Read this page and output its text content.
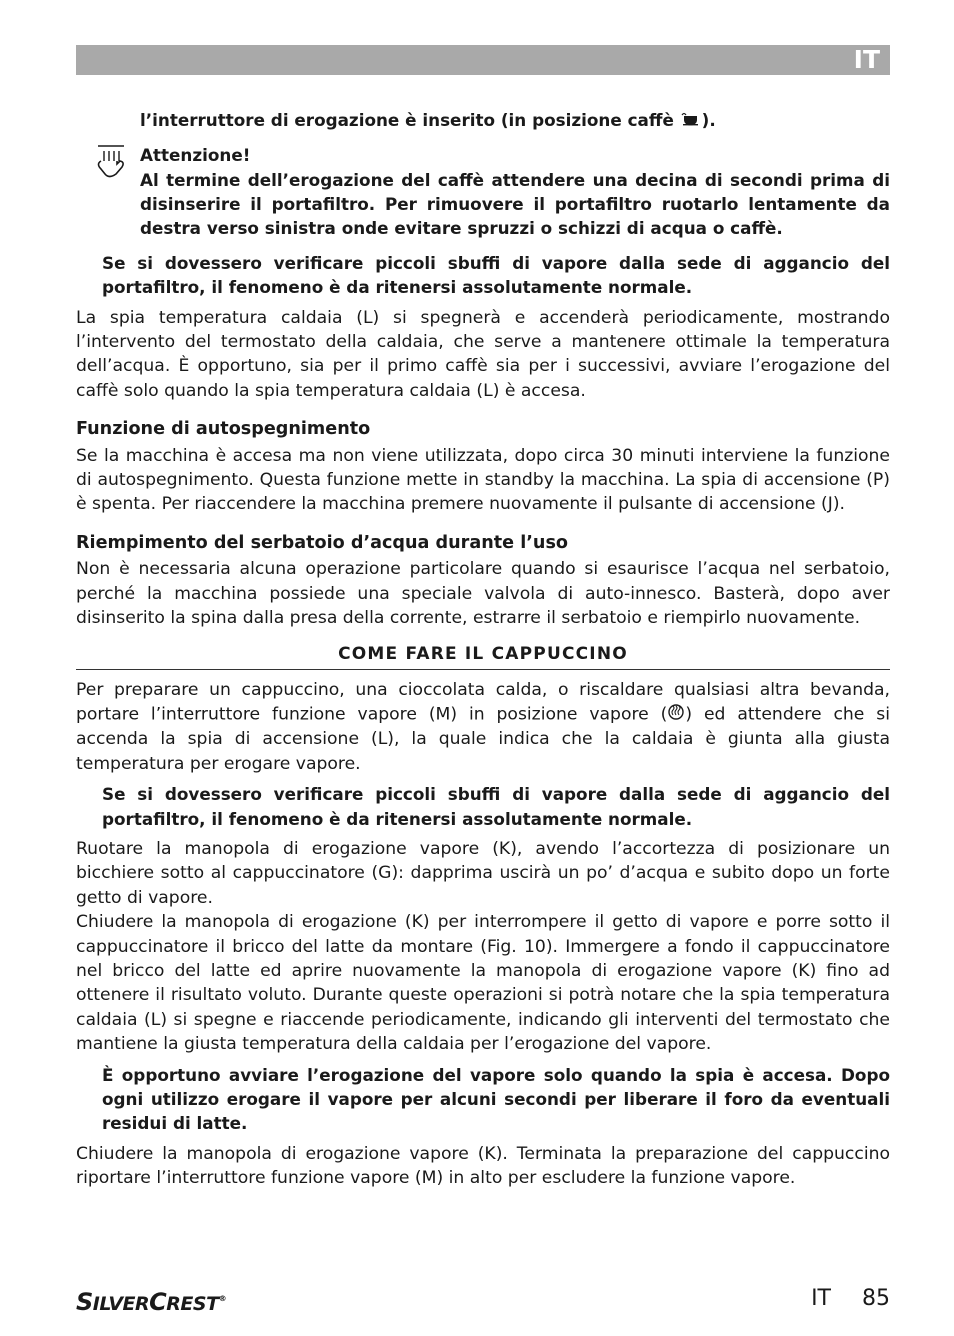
IT

l’interruttore di erogazione è inserito (in posizione caffè ).

Attenzione!

Al termine dell’erogazione del caffè attendere una decina di secondi prima di disinserire il portafiltro. Per rimuovere il portafiltro ruotarlo lentamente da destra verso sinistra onde evitare spruzzi o schizzi di acqua o caffè.

Se si dovessero verificare piccoli sbuffi di vapore dalla sede di aggancio del portafiltro, il fenomeno è da ritenersi assolutamente normale.

La spia temperatura caldaia (L) si spegnerà e accenderà periodicamente, mostrando l’intervento del termostato della caldaia, che serve a mantenere ottimale la temperatura dell’acqua. È opportuno, sia per il primo caffè sia per i successivi, avviare l’erogazione del caffè solo quando la spia temperatura caldaia (L) è accesa.

Funzione di autospegnimento

Se la macchina è accesa ma non viene utilizzata, dopo circa 30 minuti interviene la funzione di autospegnimento. Questa funzione mette in standby la macchina. La spia di accensione (P) è spenta. Per riaccendere la macchina premere nuovamente il pulsante di accensione (J).

Riempimento del serbatoio d’acqua durante l’uso

Non è necessaria alcuna operazione particolare quando si esaurisce l’acqua nel serbatoio, perché la macchina possiede una speciale valvola di auto-innesco. Basterà, dopo aver disinserito la spina dalla presa della corrente, estrarre il serbatoio e riempirlo nuovamente.

COME FARE IL CAPPUCCINO

Per preparare un cappuccino, una cioccolata calda, o riscaldare qualsiasi altra bevanda, portare l’interruttore funzione vapore (M) in posizione vapore ( ) ed attendere che si accenda la spia di accensione (L), la quale indica che la caldaia è giunta alla giusta temperatura per erogare vapore.

Se si dovessero verificare piccoli sbuffi di vapore dalla sede di aggancio del portafiltro, il fenomeno è da ritenersi assolutamente normale.

Ruotare la manopola di erogazione vapore (K), avendo l’accortezza di posizionare un bicchiere sotto al cappuccinatore (G): dapprima uscirà un po’ d’acqua e subito dopo un forte getto di vapore.

Chiudere la manopola di erogazione (K) per interrompere il getto di vapore e porre sotto il cappuccinatore il bricco del latte da montare (Fig. 10). Immergere a fondo il cappuccinatore nel bricco del latte ed aprire nuovamente la manopola di erogazione vapore (K) fino ad ottenere il risultato voluto. Durante queste operazioni si potrà notare che la spia temperatura caldaia (L) si spegne e riaccende periodicamente, indicando gli interventi del termostato che mantiene la giusta temperatura della caldaia per l’erogazione del vapore.

È opportuno avviare l’erogazione del vapore solo quando la spia è accesa. Dopo ogni utilizzo erogare il vapore per alcuni secondi per liberare il foro da eventuali residui di latte.

Chiudere la manopola di erogazione vapore (K). Terminata la preparazione del cappuccino riportare l’interruttore funzione vapore (M) in alto per escludere la funzione vapore.

SILVERCREST®	IT 85
